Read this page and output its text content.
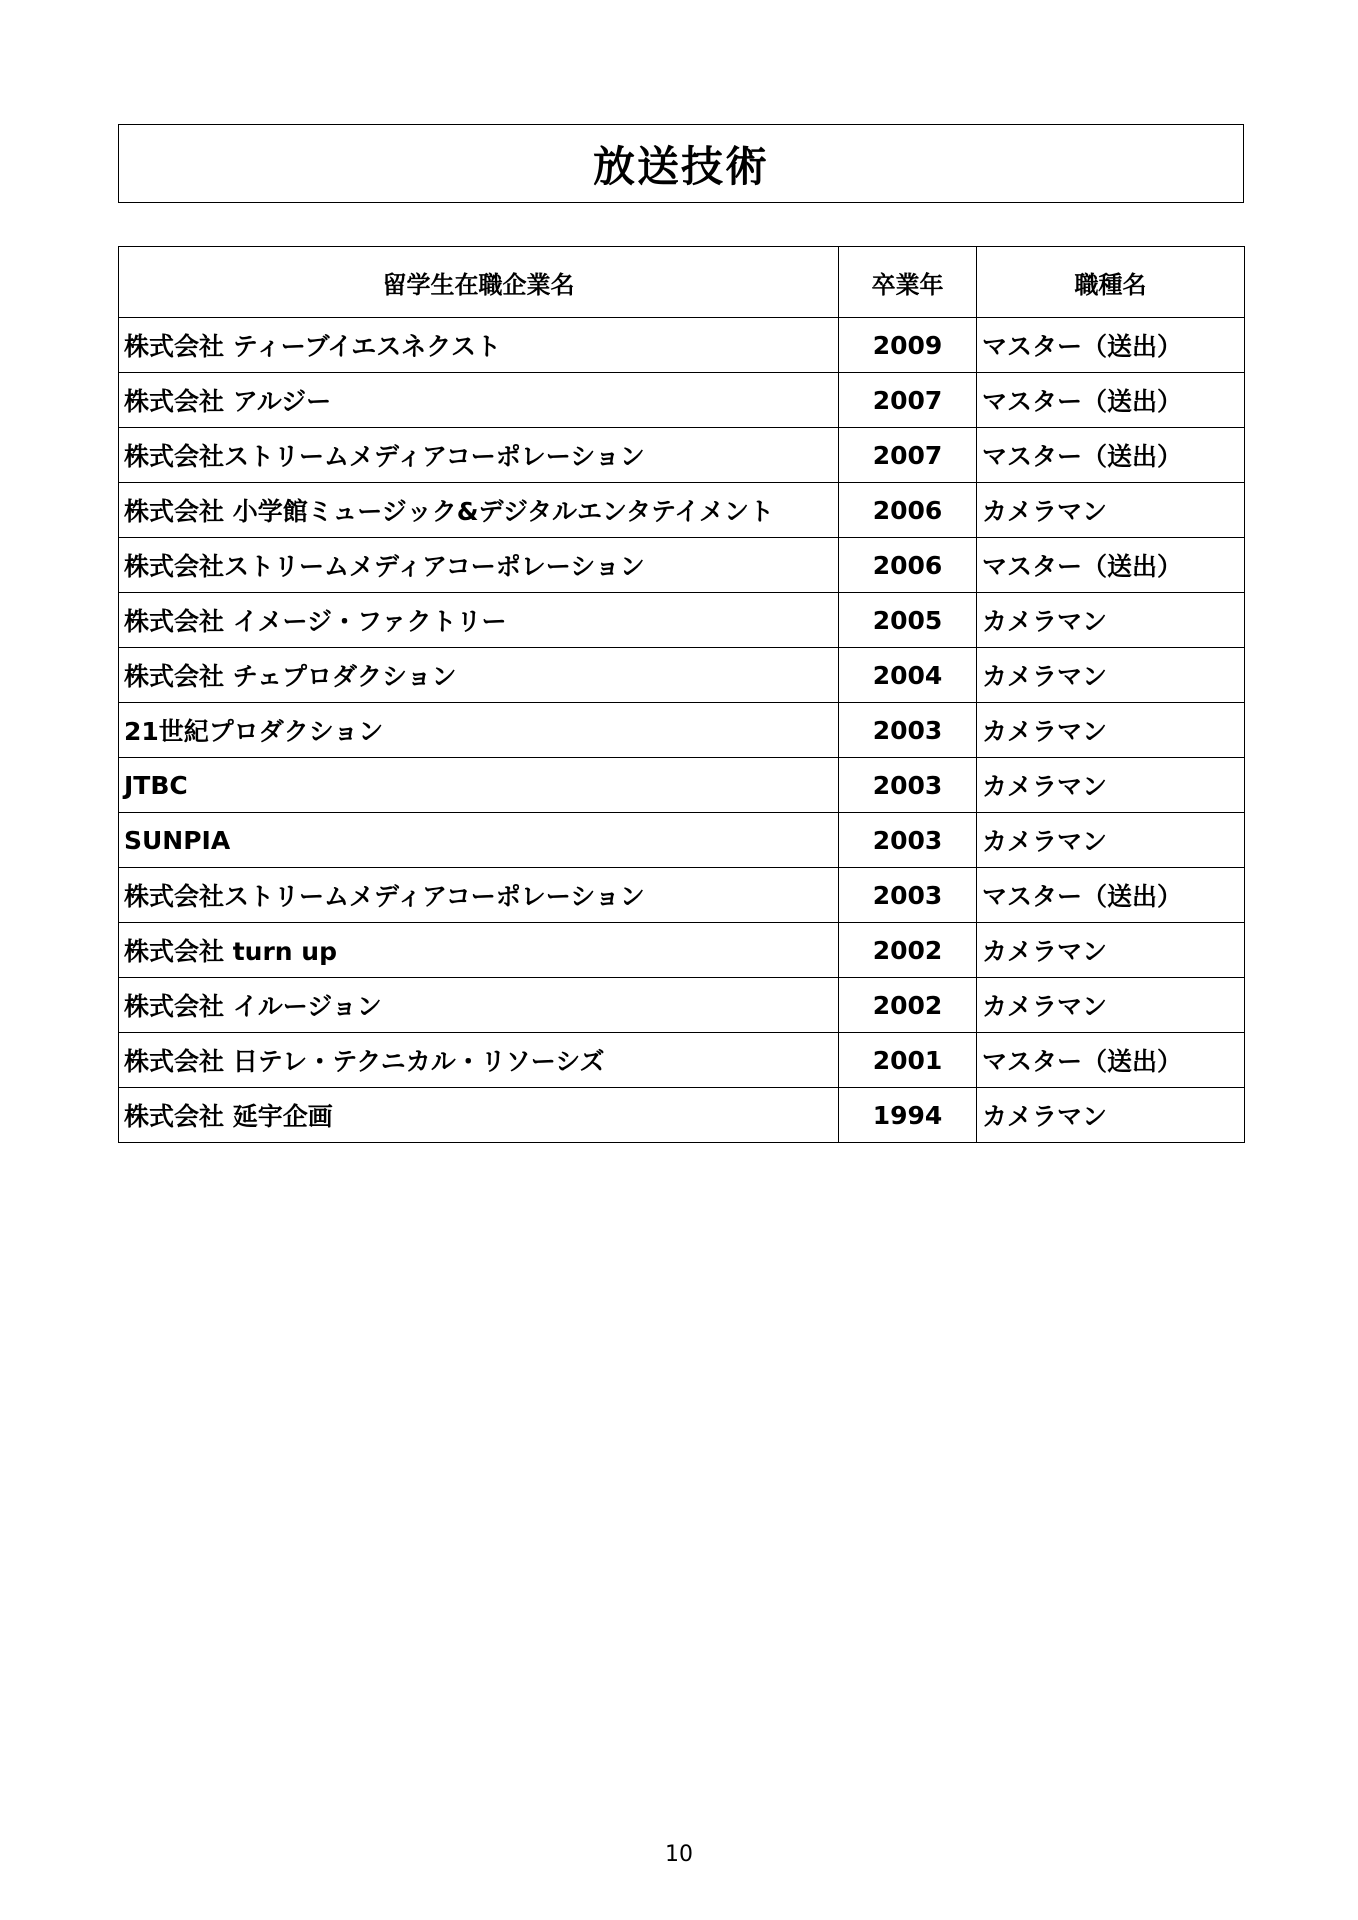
放送技術
留学生在職企業名	卒業年	職種名
株式会社 ティーブイエスネクスト	2009	マスター（送出）
株式会社 アルジー	2007	マスター（送出）
株式会社ストリームメディアコーポレーション	2007	マスター（送出）
株式会社 小学館ミュージック&デジタルエンタテイメント	2006	カメラマン
株式会社ストリームメディアコーポレーション	2006	マスター（送出）
株式会社 イメージ・ファクトリー	2005	カメラマン
株式会社 チェプロダクション	2004	カメラマン
21世紀プロダクション	2003	カメラマン
JTBC	2003	カメラマン
SUNPIA	2003	カメラマン
株式会社ストリームメディアコーポレーション	2003	マスター（送出）
株式会社 turn up	2002	カメラマン
株式会社 イルージョン	2002	カメラマン
株式会社 日テレ・テクニカル・リソーシズ	2001	マスター（送出）
株式会社 延宇企画	1994	カメラマン
10
